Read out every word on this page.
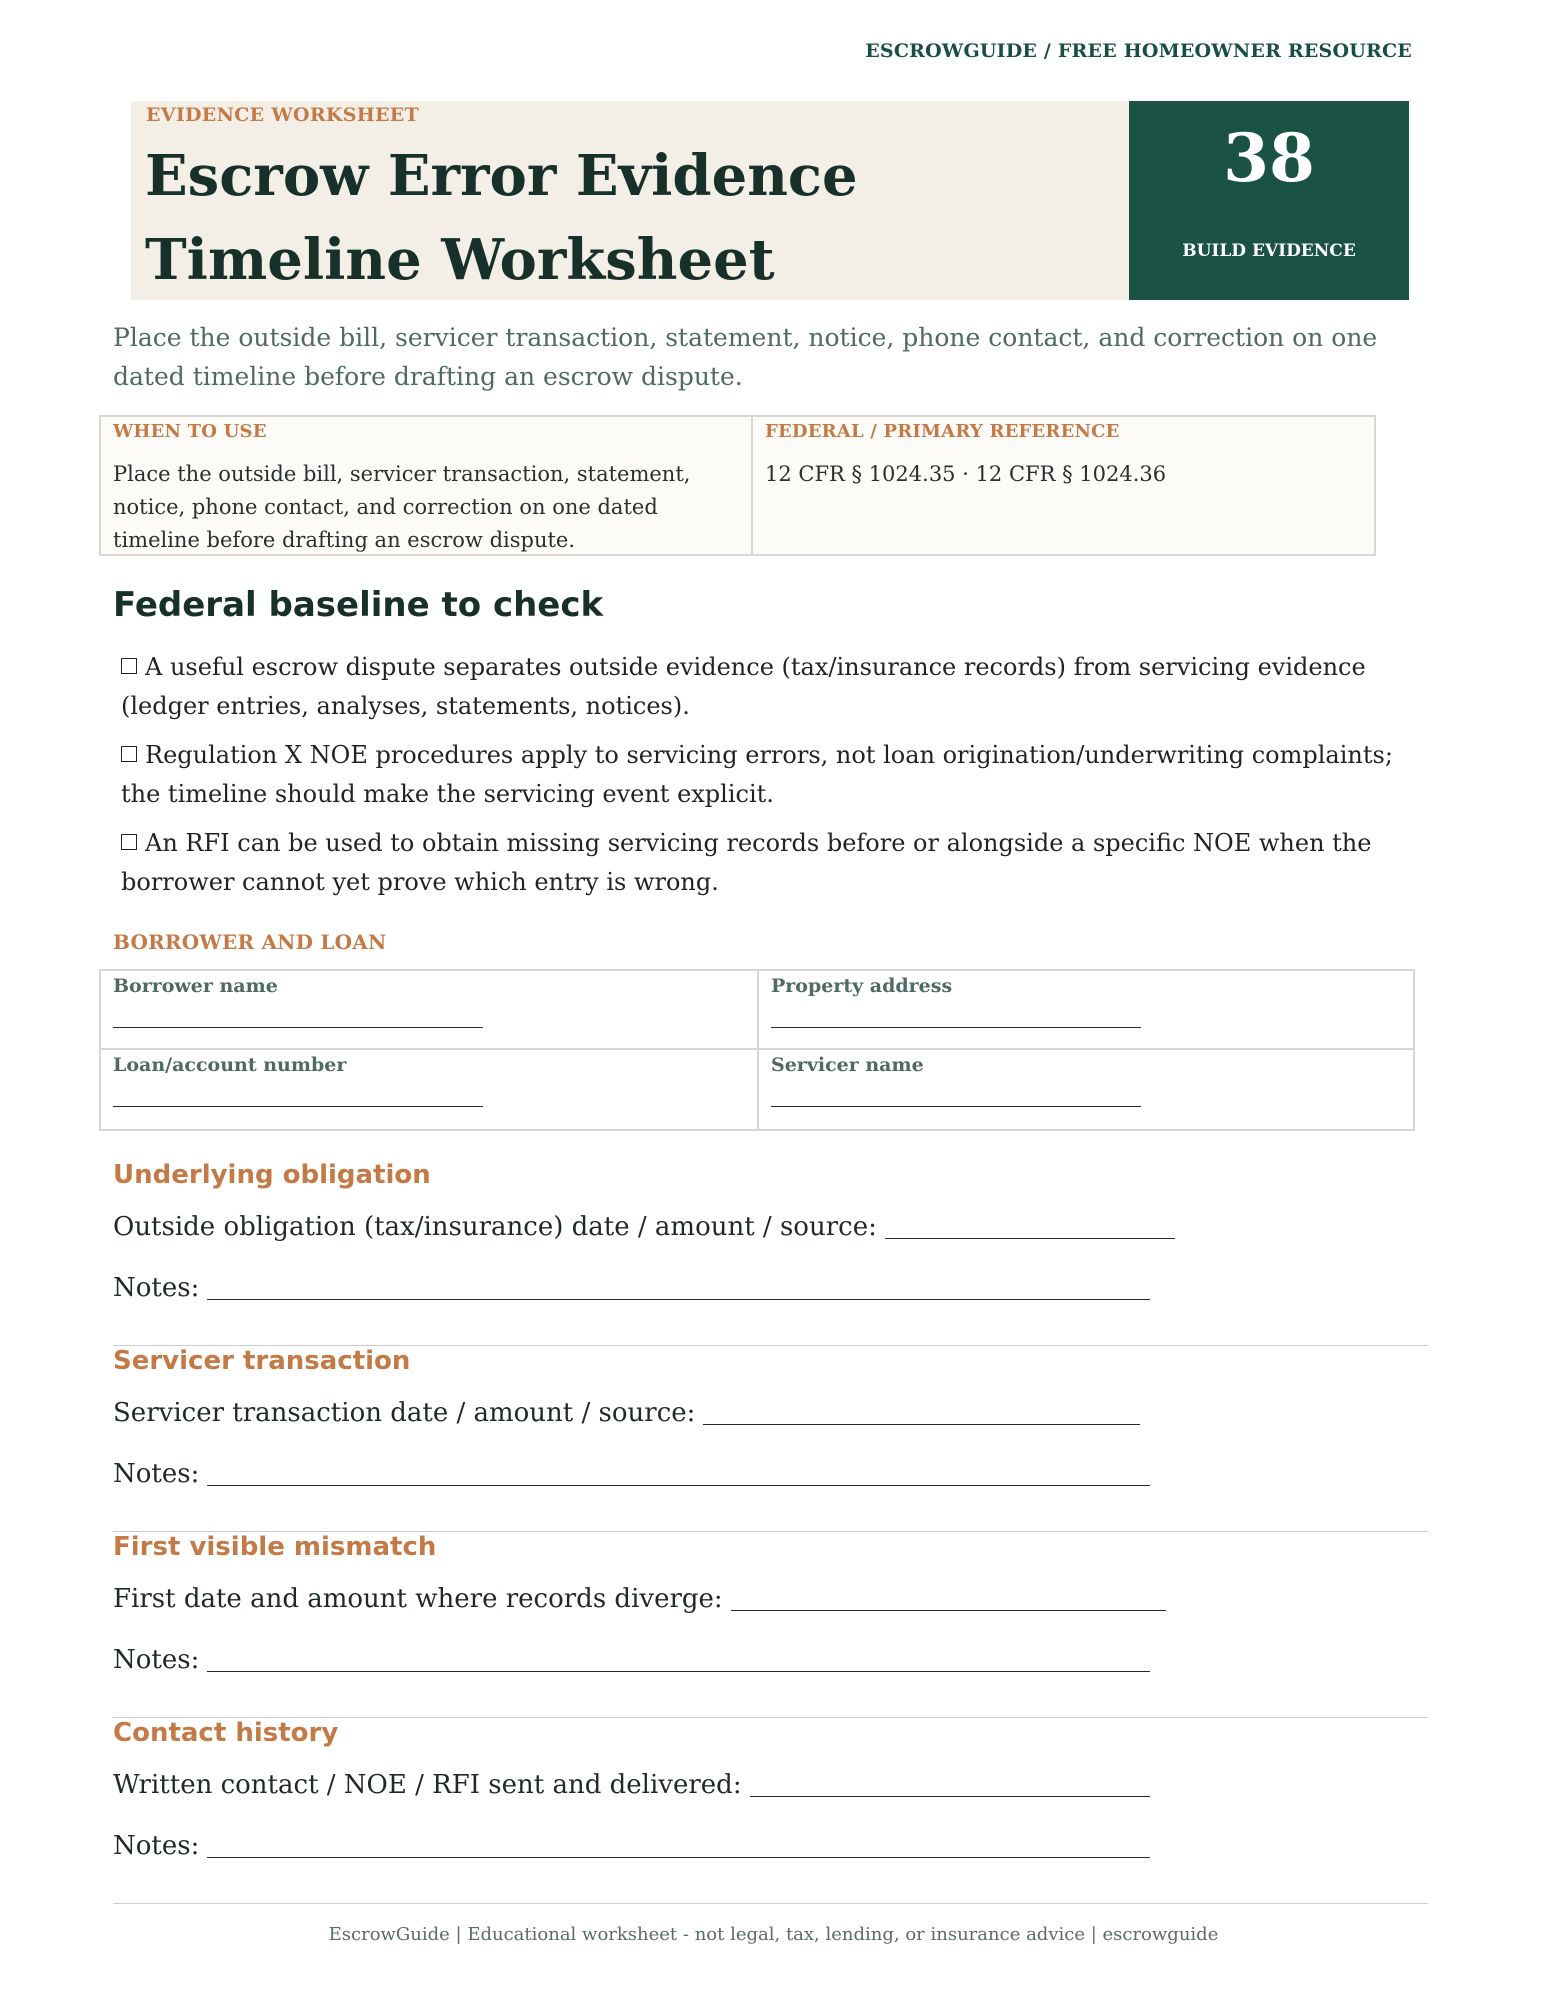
ESCROWGUIDE / FREE HOMEOWNER RESOURCE
EVIDENCE WORKSHEET
Escrow Error Evidence Timeline Worksheet
38
BUILD EVIDENCE
Place the outside bill, servicer transaction, statement, notice, phone contact, and correction on one dated timeline before drafting an escrow dispute.
WHEN TO USE
Place the outside bill, servicer transaction, statement, notice, phone contact, and correction on one dated timeline before drafting an escrow dispute.
FEDERAL / PRIMARY REFERENCE
12 CFR § 1024.35 · 12 CFR § 1024.36
Federal baseline to check
A useful escrow dispute separates outside evidence (tax/insurance records) from servicing evidence (ledger entries, analyses, statements, notices).
Regulation X NOE procedures apply to servicing errors, not loan origination/underwriting complaints; the timeline should make the servicing event explicit.
An RFI can be used to obtain missing servicing records before or alongside a specific NOE when the borrower cannot yet prove which entry is wrong.
BORROWER AND LOAN
Borrower name	Property address
Loan/account number	Servicer name
Underlying obligation
Outside obligation (tax/insurance) date / amount / source:
Notes:
Servicer transaction
Servicer transaction date / amount / source:
Notes:
First visible mismatch
First date and amount where records diverge:
Notes:
Contact history
Written contact / NOE / RFI sent and delivered:
Notes:
EscrowGuide | Educational worksheet - not legal, tax, lending, or insurance advice | escrowguide
